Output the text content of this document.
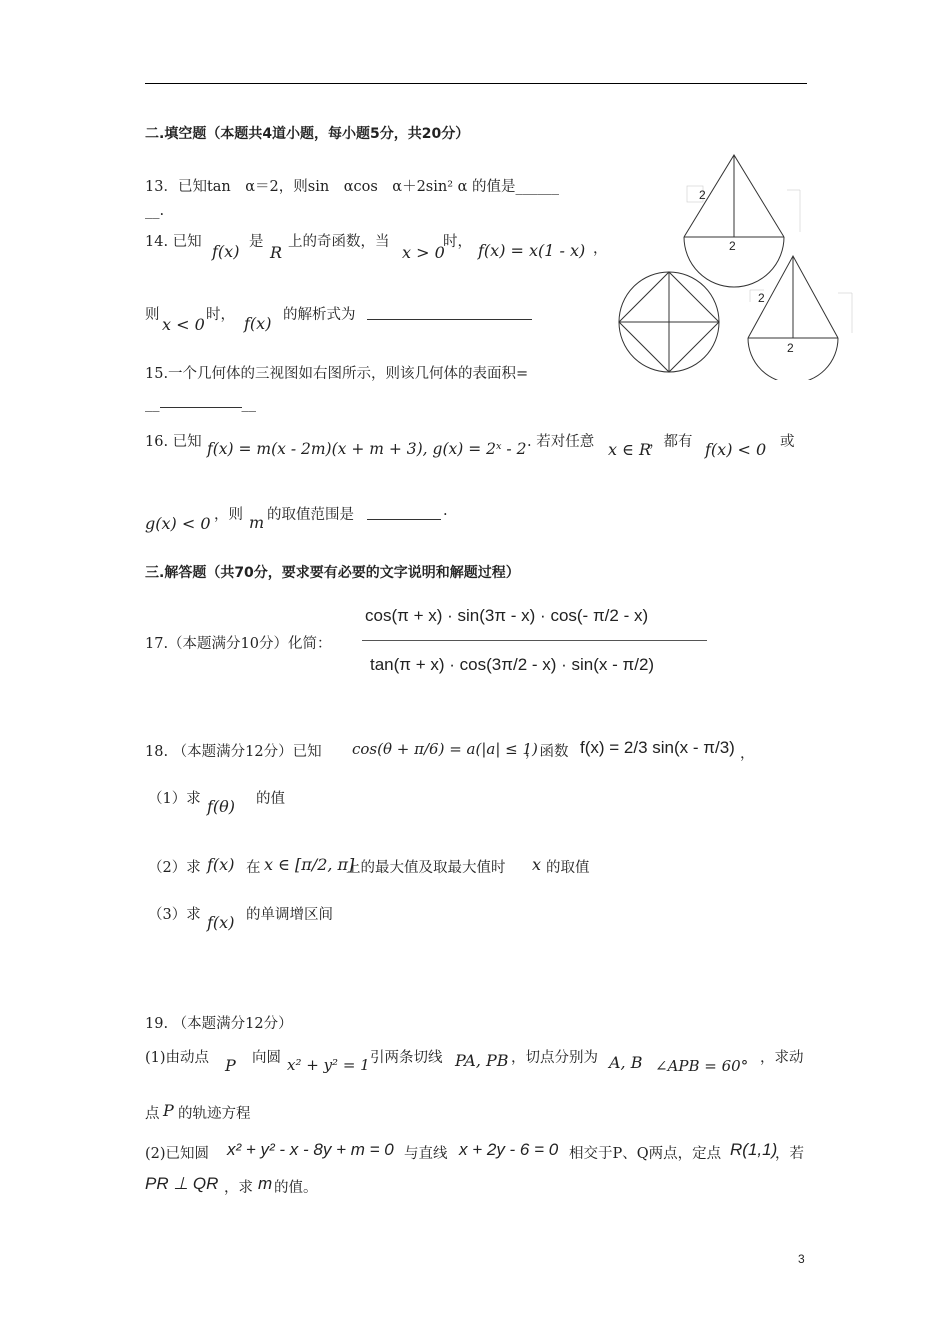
二.填空题（本题共4道小题，每小题5分，共20分）
13．已知tan　α＝2，则sin　αcos　α＋2sin² α 的值是______
__.
14. 已知 f(x) 是
R
上的奇函数，当
x > 0
时， f(x) = x(1 - x) ，
则 x < 0 时， f(x) 的解析式为
15.一个几何体的三视图如右图所示，则该几何体的表面积=
__	__
16. 已知 f(x) = m(x - 2m)(x + m + 3), g(x) = 2ˣ - 2 . 若对任意 x ∈ R
，都有 f(x) < 0 或
g(x) < 0 ，则 m 的取值范围是	.
三.解答题（共70分，要求要有必要的文字说明和解题过程）
17.（本题满分10分）化简：
cos(π + x) · sin(3π - x) · cos(- π/2 - x)
tan(π + x) · cos(3π/2 - x) · sin(x - π/2)
18. （本题满分12分）已知 cos(θ + π/6) = a(|a| ≤ 1)
，函数 f(x) = 2/3 sin(x - π/3) ，
（1）求 f(θ) 的值
（2）求 f(x) 在 x ∈ [π/2, π]
上的最大值及取最大值时 x 的取值
（3）求 f(x) 的单调增区间
19. （本题满分12分）
(1)由动点 P 向圆 x² + y² = 1 引两条切线 PA, PB ，切点分别为 A, B ∠APB = 60° ，求动
点 P 的轨迹方程
(2)已知圆 x² + y² - x - 8y + m = 0 与直线 x + 2y - 6 = 0 相交于P、Q两点，定点 R(1,1)
，若
PR ⊥ QR ，求 m 的值。
2
2
2
2
3
